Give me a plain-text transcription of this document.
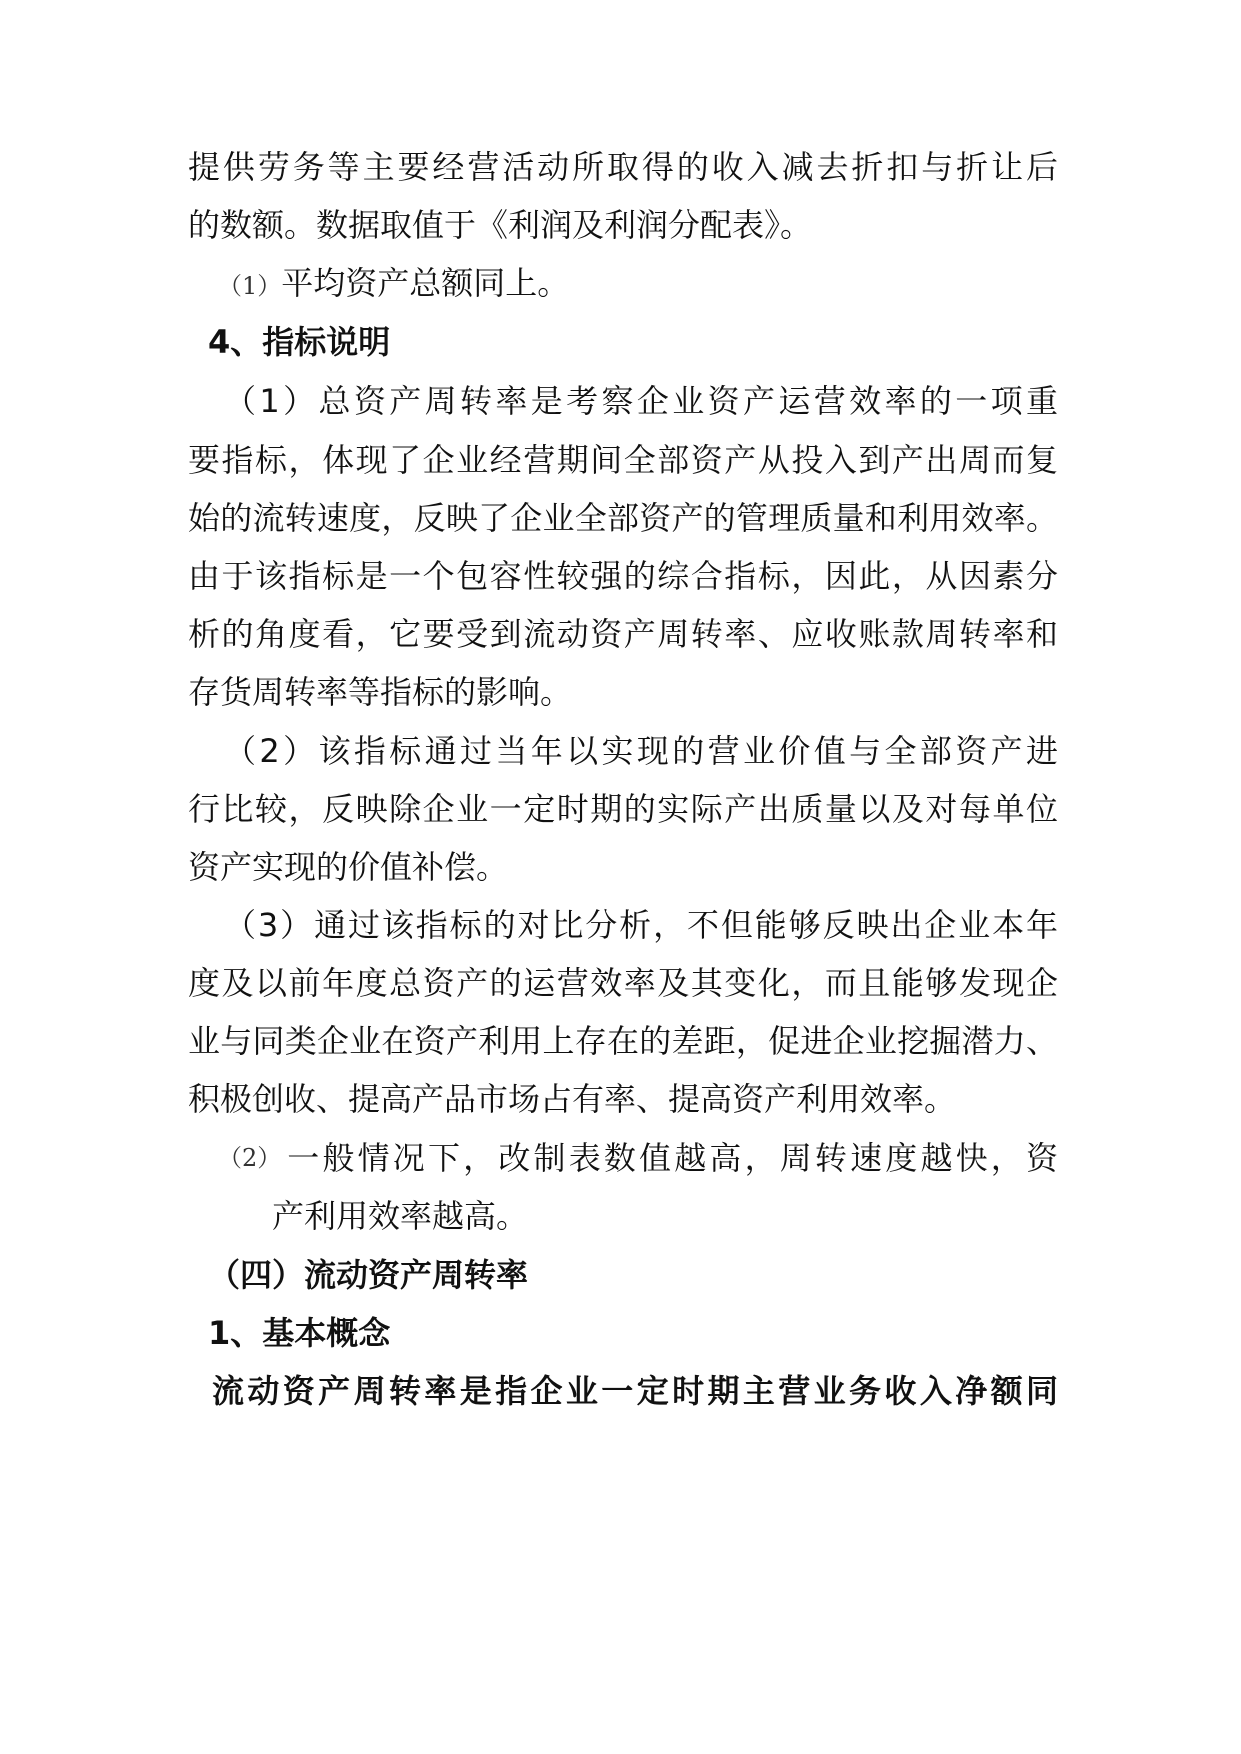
提供劳务等主要经营活动所取得的收入减去折扣与折让后
的数额。数据取值于《利润及利润分配表》。
（1）平均资产总额同上。
4、指标说明
（1）总资产周转率是考察企业资产运营效率的一项重
要指标，体现了企业经营期间全部资产从投入到产出周而复
始的流转速度，反映了企业全部资产的管理质量和利用效率。
由于该指标是一个包容性较强的综合指标，因此，从因素分
析的角度看，它要受到流动资产周转率、应收账款周转率和
存货周转率等指标的影响。
（2）该指标通过当年以实现的营业价值与全部资产进
行比较，反映除企业一定时期的实际产出质量以及对每单位
资产实现的价值补偿。
（3）通过该指标的对比分析，不但能够反映出企业本年
度及以前年度总资产的运营效率及其变化，而且能够发现企
业与同类企业在资产利用上存在的差距，促进企业挖掘潜力、
积极创收、提高产品市场占有率、提高资产利用效率。
（2） 一般情况下，改制表数值越高，周转速度越快，资
产利用效率越高。
（四）流动资产周转率
1、基本概念
流动资产周转率是指企业一定时期主营业务收入净额同
